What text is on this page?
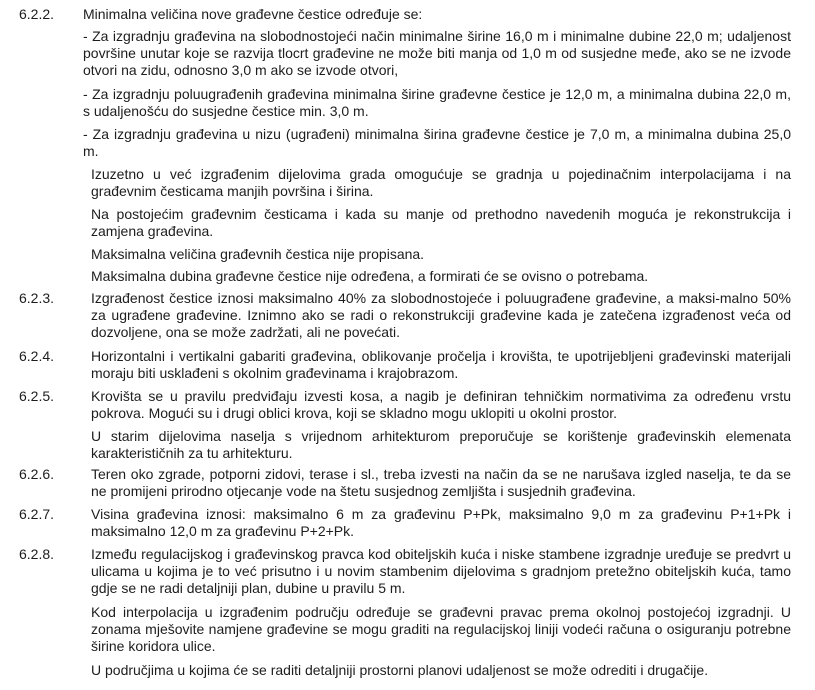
6.2.2. Minimalna veličina nove građevne čestice određuje se:
- Za izgradnju građevina na slobodnostojeći način minimalne širine 16,0 m i minimalne dubine 22,0 m; udaljenost površine unutar koje se razvija tlocrt građevine ne može biti manja od 1,0 m od susjedne međe, ako se ne izvode otvori na zidu, odnosno 3,0 m ako se izvode otvori,
- Za izgradnju poluugrađenih građevina minimalna širine građevne čestice je 12,0 m, a minimalna dubina 22,0 m, s udaljenošću do susjedne čestice min. 3,0 m.
- Za izgradnju građevina u nizu (ugrađeni) minimalna širina građevne čestice je 7,0 m, a minimalna dubina 25,0 m.
Izuzetno u već izgrađenim dijelovima grada omogućuje se gradnja u pojedinačnim interpolacijama i na građevnim česticama manjih površina i širina.
Na postojećim građevnim česticama i kada su manje od prethodno navedenih moguća je rekonstrukcija i zamjena građevina.
Maksimalna veličina građevnih čestica nije propisana.
Maksimalna dubina građevne čestice nije određena, a formirati će se ovisno o potrebama.
6.2.3.	Izgrađenost čestice iznosi maksimalno 40% za slobodnostojeće i poluugrađene građevine, a maksi-malno 50% za ugrađene građevine. Iznimno ako se radi o rekonstrukciji građevine kada je zatečena izgrađenost veća od dozvoljene, ona se može zadržati, ali ne povećati.
6.2.4.	Horizontalni i vertikalni gabariti građevina, oblikovanje pročelja i krovišta, te upotrijebljeni građevinski materijali moraju biti usklađeni s okolnim građevinama i krajobrazom.
6.2.5.	Krovišta se u pravilu predviđaju izvesti kosa, a nagib je definiran tehničkim normativima za određenu vrstu pokrova. Mogući su i drugi oblici krova, koji se skladno mogu uklopiti u okolni prostor.
U starim dijelovima naselja s vrijednom arhitekturom preporučuje se korištenje građevinskih elemenata karakterističnih za tu arhitekturu.
6.2.6.	Teren oko zgrade, potporni zidovi, terase i sl., treba izvesti na način da se ne narušava izgled naselja, te da se ne promijeni prirodno otjecanje vode na štetu susjednog zemljišta i susjednih građevina.
6.2.7.	Visina građevina iznosi: maksimalno 6 m za građevinu P+Pk, maksimalno 9,0 m za građevinu P+1+Pk i maksimalno 12,0 m za građevinu P+2+Pk.
6.2.8.	Između regulacijskog i građevinskog pravca kod obiteljskih kuća i niske stambene izgradnje uređuje se predvrt u ulicama u kojima je to već prisutno i u novim stambenim dijelovima s gradnjom pretežno obiteljskih kuća, tamo gdje se ne radi detaljniji plan, dubine u pravilu 5 m.
Kod interpolacija u izgrađenim području određuje se građevni pravac prema okolnoj postojećoj izgradnji. U zonama mješovite namjene građevine se mogu graditi na regulacijskoj liniji vodeći računa o osiguranju potrebne širine koridora ulice.
U područjima u kojima će se raditi detaljniji prostorni planovi udaljenost se može odrediti i drugačije.
